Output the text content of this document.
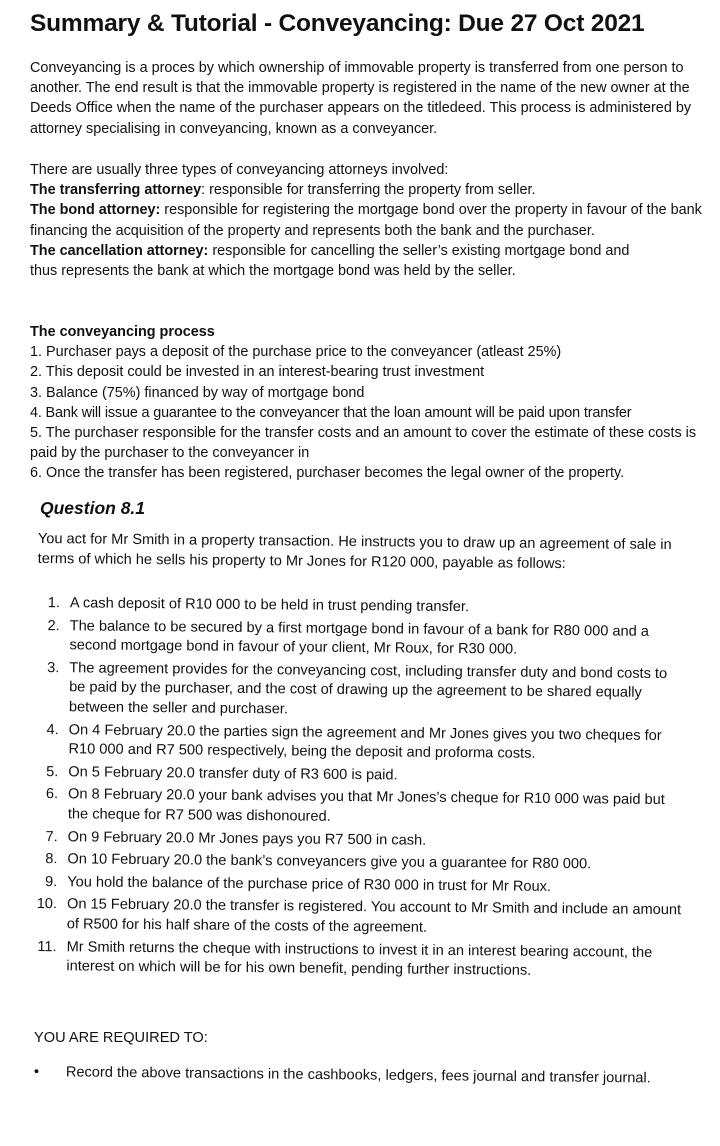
Summary & Tutorial - Conveyancing: Due 27 Oct 2021

Conveyancing is a proces by which ownership of immovable property is transferred from one person to another. The end result is that the immovable property is registered in the name of the new owner at the Deeds Office when the name of the purchaser appears on the titledeed. This process is administered by attorney specialising in conveyancing, known as a conveyancer.

There are usually three types of conveyancing attorneys involved:

The transferring attorney: responsible for transferring the property from seller.

The bond attorney: responsible for registering the mortgage bond over the property in favour of the bank financing the acquisition of the property and represents both the bank and the purchaser.

The cancellation attorney: responsible for cancelling the seller’s existing mortgage bond and thus represents the bank at which the mortgage bond was held by the seller.

The conveyancing process

1. Purchaser pays a deposit of the purchase price to the conveyancer (atleast 25%)

2. This deposit could be invested in an interest-bearing trust investment

3. Balance (75%) financed by way of mortgage bond

4. Bank will issue a guarantee to the conveyancer that the loan amount will be paid upon transfer

5. The purchaser responsible for the transfer costs and an amount to cover the estimate of these costs is paid by the purchaser to the conveyancer in

6. Once the transfer has been registered, purchaser becomes the legal owner of the property.

Question 8.1

You act for Mr Smith in a property transaction. He instructs you to draw up an agreement of sale in terms of which he sells his property to Mr Jones for R120 000, payable as follows:

1. A cash deposit of R10 000 to be held in trust pending transfer.
2. The balance to be secured by a first mortgage bond in favour of a bank for R80 000 and a second mortgage bond in favour of your client, Mr Roux, for R30 000.
3. The agreement provides for the conveyancing cost, including transfer duty and bond costs to be paid by the purchaser, and the cost of drawing up the agreement to be shared equally between the seller and purchaser.
4. On 4 February 20.0 the parties sign the agreement and Mr Jones gives you two cheques for R10 000 and R7 500 respectively, being the deposit and proforma costs.
5. On 5 February 20.0 transfer duty of R3 600 is paid.
6. On 8 February 20.0 your bank advises you that Mr Jones’s cheque for R10 000 was paid but the cheque for R7 500 was dishonoured.
7. On 9 February 20.0 Mr Jones pays you R7 500 in cash.
8. On 10 February 20.0 the bank’s conveyancers give you a guarantee for R80 000.
9. You hold the balance of the purchase price of R30 000 in trust for Mr Roux.
10. On 15 February 20.0 the transfer is registered. You account to Mr Smith and include an amount of R500 for his half share of the costs of the agreement.
11. Mr Smith returns the cheque with instructions to invest it in an interest bearing account, the interest on which will be for his own benefit, pending further instructions.
YOU ARE REQUIRED TO:
• Record the above transactions in the cashbooks, ledgers, fees journal and transfer journal.
